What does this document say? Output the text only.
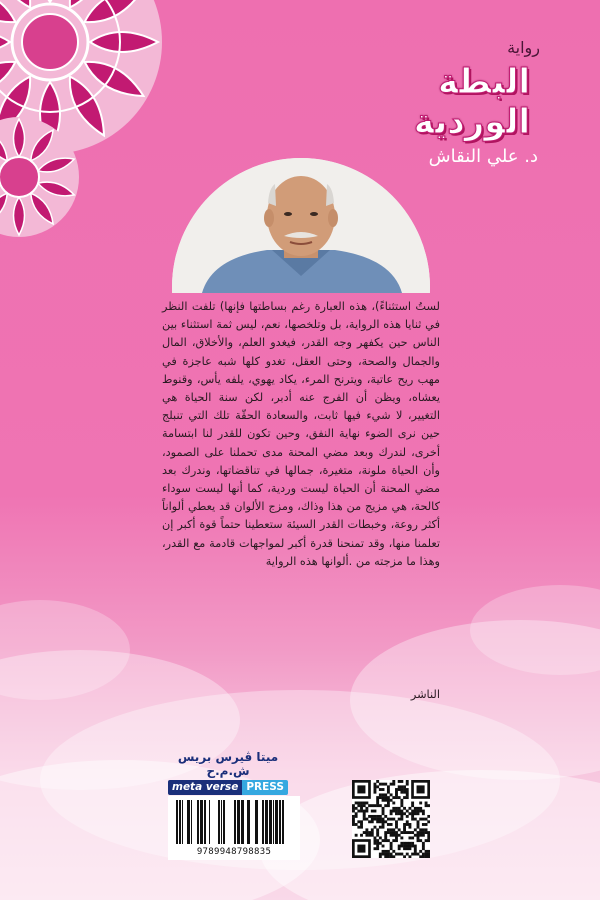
رواية
البطة
الوردية
د. علي النقاش

لستُ استثناءً)، هذه العبارة رغم بساطتها فإنها) تلفت النظر في ثنايا هذه الرواية، بل وتلخصها، نعم، ليس ثمة استثناء بين الناس حين يكفهر وجه القدر، فيغدو العلم، والأخلاق، المال والجمال والصحة، وحتى العقل، تغدو كلها شبه عاجزة في مهب ريح عاتية، ويترنح المرء، يكاد يهوي، يلفه يأس، وقنوط يعشاه، ويظن أن الفرج عنه أدبر، لكن سنة الحياة هي التغيير، لا شيء فيها ثابت، والسعادة الحقّة تلك التي تنبلج حين نرى الضوء نهاية النفق، وحين تكون للقدر لنا ابتسامة أخرى، لندرك وبعد مضي المحنة مدى تحملنا على الصمود، وأن الحياة ملونة، متغيرة، جمالها في تناقضاتها، وندرك بعد مضي المحنة أن الحياة ليست وردية، كما أنها ليست سوداء كالحة، هي مزيج من هذا وذاك، ومزج الألوان قد يعطي ألواناً أكثر روعة، وخبطات القدر السيئة ستعطينا حتماً قوة أكبر إن تعلمنا منها، وقد تمنحنا قدرة أكبر لمواجهات قادمة مع القدر، وهذا ما مزجته من .ألوانها هذه الرواية

الناشر
ميتا ڤيرس بريس ش.م.ح
meta verse PRESS
9789948798835
